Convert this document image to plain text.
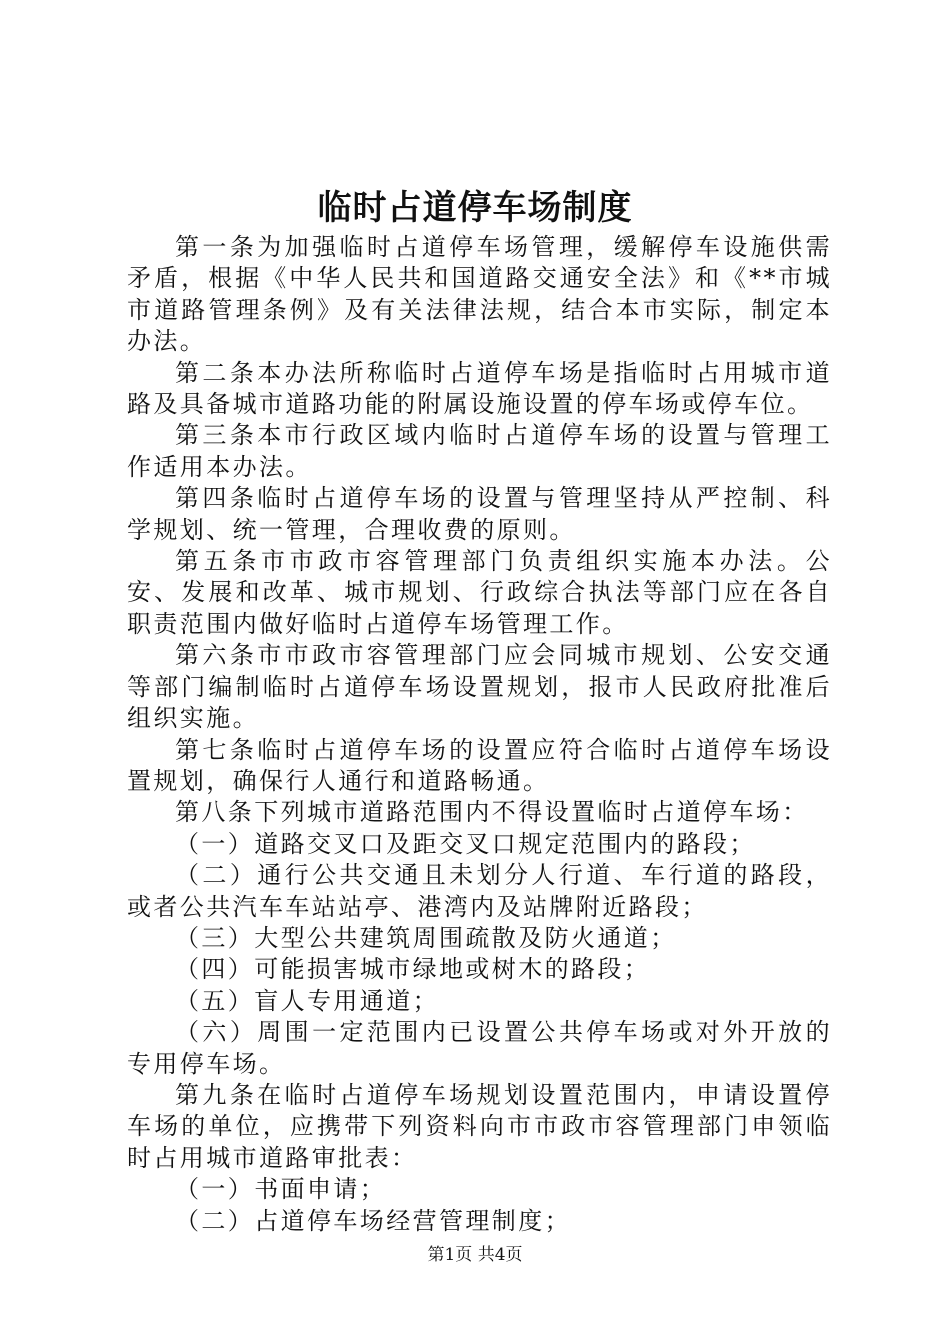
临时占道停车场制度

第一条为加强临时占道停车场管理，缓解停车设施供需矛盾，根据《中华人民共和国道路交通安全法》和《**市城市道路管理条例》及有关法律法规，结合本市实际，制定本办法。

第二条本办法所称临时占道停车场是指临时占用城市道路及具备城市道路功能的附属设施设置的停车场或停车位。

第三条本市行政区域内临时占道停车场的设置与管理工作适用本办法。

第四条临时占道停车场的设置与管理坚持从严控制、科学规划、统一管理，合理收费的原则。

第五条市市政市容管理部门负责组织实施本办法。公安、发展和改革、城市规划、行政综合执法等部门应在各自职责范围内做好临时占道停车场管理工作。

第六条市市政市容管理部门应会同城市规划、公安交通等部门编制临时占道停车场设置规划，报市人民政府批准后组织实施。

第七条临时占道停车场的设置应符合临时占道停车场设置规划，确保行人通行和道路畅通。

第八条下列城市道路范围内不得设置临时占道停车场：

（一）道路交叉口及距交叉口规定范围内的路段；

（二）通行公共交通且未划分人行道、车行道的路段，或者公共汽车车站站亭、港湾内及站牌附近路段；

（三）大型公共建筑周围疏散及防火通道；

（四）可能损害城市绿地或树木的路段；

（五）盲人专用通道；

（六）周围一定范围内已设置公共停车场或对外开放的专用停车场。

第九条在临时占道停车场规划设置范围内，申请设置停车场的单位，应携带下列资料向市市政市容管理部门申领临时占用城市道路审批表：

（一）书面申请；

（二）占道停车场经营管理制度；

第1页 共4页
